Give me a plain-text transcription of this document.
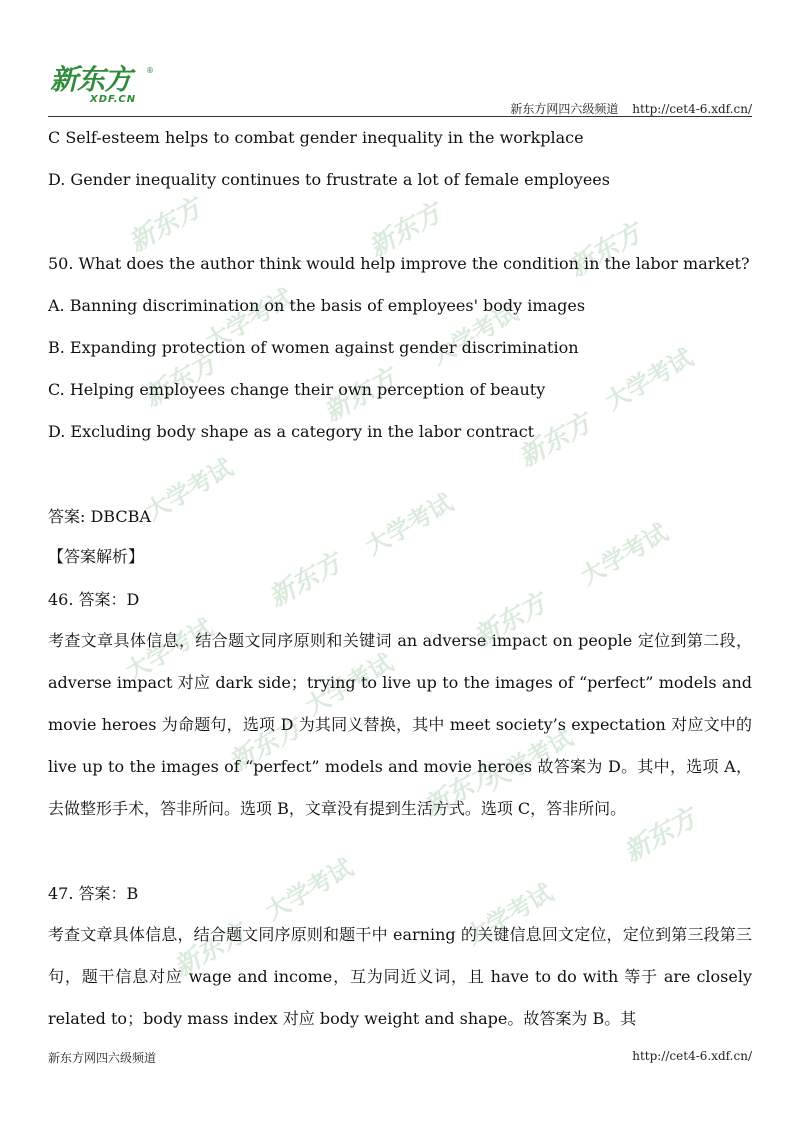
新东方 ®
XDF.CN
新东方网四六级频道 http://cet4-6.xdf.cn/
新东方	新东方	新东方
大学考试	大学考试
大学考试
新东方	新东方
新东方
大学考试	大学考试	大学考试
新东方
新东方
大学考试	大学考试
新东方	大学考试
新东方
新东方
大学考试	大学考试
新东方
C Self-esteem helps to combat gender inequality in the workplace
D. Gender inequality continues to frustrate a lot of female employees
50. What does the author think would help improve the condition in the labor market?
A. Banning discrimination on the basis of employees' body images
B. Expanding protection of women against gender discrimination
C. Helping employees change their own perception of beauty
D. Excluding body shape as a category in the labor contract
答案: DBCBA
【答案解析】
46. 答案：D
考查文章具体信息，结合题文同序原则和关键词 an adverse impact on people 定位到第二段，adverse impact 对应 dark side；trying to live up to the images of “perfect” models and movie heroes 为命题句，选项 D 为其同义替换，其中 meet society’s expectation 对应文中的 live up to the images of “perfect” models and movie heroes 故答案为 D。其中，选项 A，去做整形手术，答非所问。选项 B，文章没有提到生活方式。选项 C，答非所问。
47. 答案：B
考查文章具体信息，结合题文同序原则和题干中 earning 的关键信息回文定位，定位到第三段第三句，题干信息对应 wage and income，互为同近义词，且 have to do with 等于 are closely related to；body mass index 对应 body weight and shape。故答案为 B。其
新东方网四六级频道	http://cet4-6.xdf.cn/
